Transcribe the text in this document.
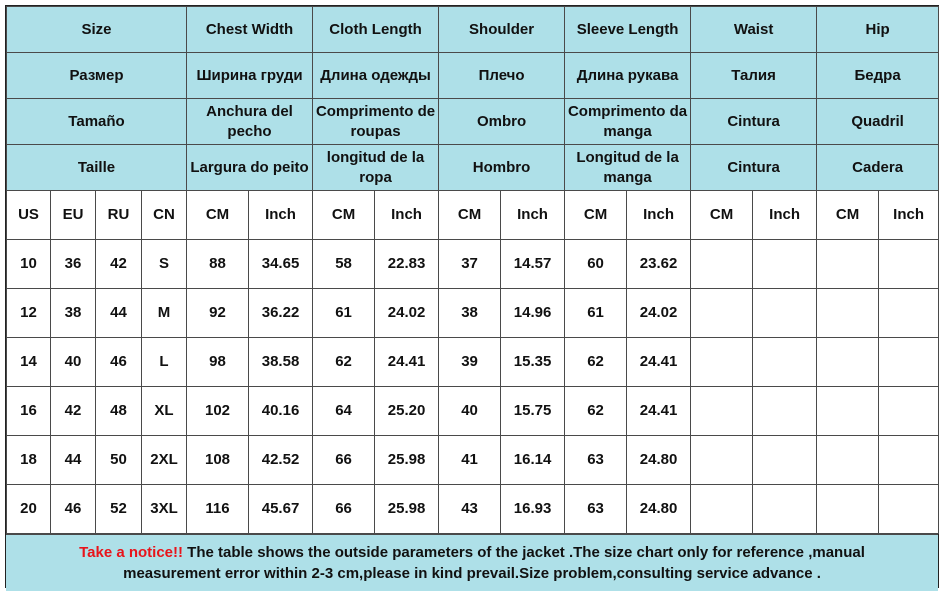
Size				Chest Width		Cloth Length		Shoulder		Sleeve Length		Waist		Hip	
Размер				Ширина груди		Длина одежды		Плечо		Длина рукава		Талия		Бедра	
Tamaño				Anchura del pecho		Comprimento de roupas		Ombro		Comprimento da manga		Cintura		Quadril	
Taille				Largura do peito		longitud de la ropa		Hombro		Longitud de la manga		Cintura		Cadera	
US	EU	RU	CN	CM	Inch	CM	Inch	CM	Inch	CM	Inch	CM	Inch	CM	Inch
10	36	42	S	88	34.65	58	22.83	37	14.57	60	23.62				
12	38	44	M	92	36.22	61	24.02	38	14.96	61	24.02				
14	40	46	L	98	38.58	62	24.41	39	15.35	62	24.41				
16	42	48	XL	102	40.16	64	25.20	40	15.75	62	24.41				
18	44	50	2XL	108	42.52	66	25.98	41	16.14	63	24.80				
20	46	52	3XL	116	45.67	66	25.98	43	16.93	63	24.80				
Take a notice!! The table shows the outside parameters of the jacket .The size chart only for reference ,manual
measurement error within 2-3 cm,please in kind prevail.Size problem,consulting service advance .
